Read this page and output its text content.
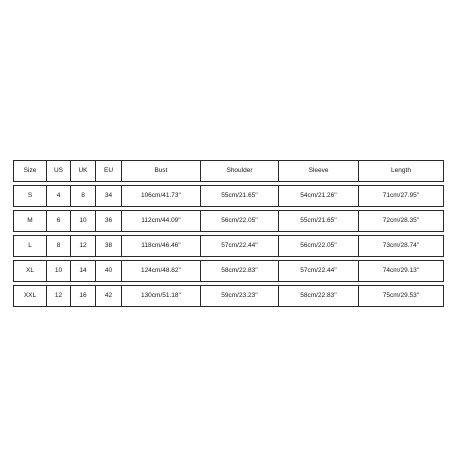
Size	US	UK	EU	Bust	Shoulder	Sleeve	Length
S	4	8	34	106cm/41.73''	55cm/21.65''	54cm/21.26''	71cm/27.95''
M	6	10	36	112cm/44.09''	56cm/22.05''	55cm/21.65''	72cm/28.35''
L	8	12	38	118cm/46.46''	57cm/22.44''	56cm/22.05''	73cm/28.74''
XL	10	14	40	124cm/48.82''	58cm/22.83''	57cm/22.44''	74cm/29.13''
XXL	12	16	42	130cm/51.18''	59cm/23.23''	58cm/22.83''	75cm/29.53''
